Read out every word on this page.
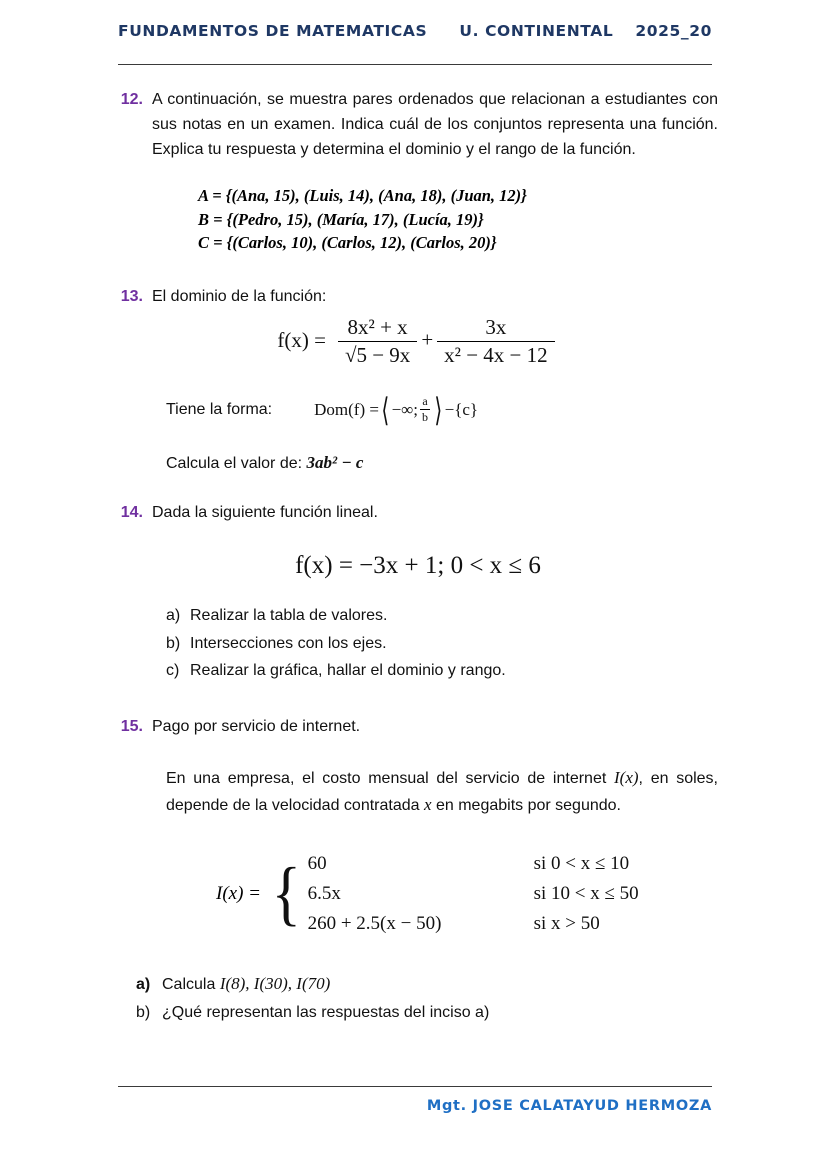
FUNDAMENTOS DE MATEMATICAS U. CONTINENTAL 2025_20
12. A continuación, se muestra pares ordenados que relacionan a estudiantes con sus notas en un examen. Indica cuál de los conjuntos representa una función. Explica tu respuesta y determina el dominio y el rango de la función.
A = {(Ana, 15), (Luis, 14), (Ana, 18), (Juan, 12)}
B = {(Pedro, 15), (María, 17), (Lucía, 19)}
C = {(Carlos, 10), (Carlos, 12), (Carlos, 20)}
13. El dominio de la función:
$f(x) = \frac{\text{8x² + x}}{√5 - 9x} + \frac{3x}{\text{x² − 4x − 12}}$
Tiene la forma: Dom(f) = ⟨ −∞; $\frac{a}{b}$ ⟩ − {c}
Calcula el valor de: 3ab² − c
14. Dada la siguiente función lineal.
f(x) = −3x + 1; 0 < x ≤ 6
a) Realizar la tabla de valores.
b) Intersecciones con los ejes.
c) Realizar la gráfica, hallar el dominio y rango.
15. Pago por servicio de internet.
En una empresa, el costo mensual del servicio de internet I(x), en soles, depende de la velocidad contratada x en megabits por segundo.
I(x) = { 60	si 0 < x ≤ 10
6.5x	si 10 < x ≤ 50
260 + 2.5(x − 50)	si x > 50
a) Calcula I(8), I(30), I(70)
b) ¿Qué representan las respuestas del inciso a)
Mgt. JOSE CALATAYUD HERMOZA
